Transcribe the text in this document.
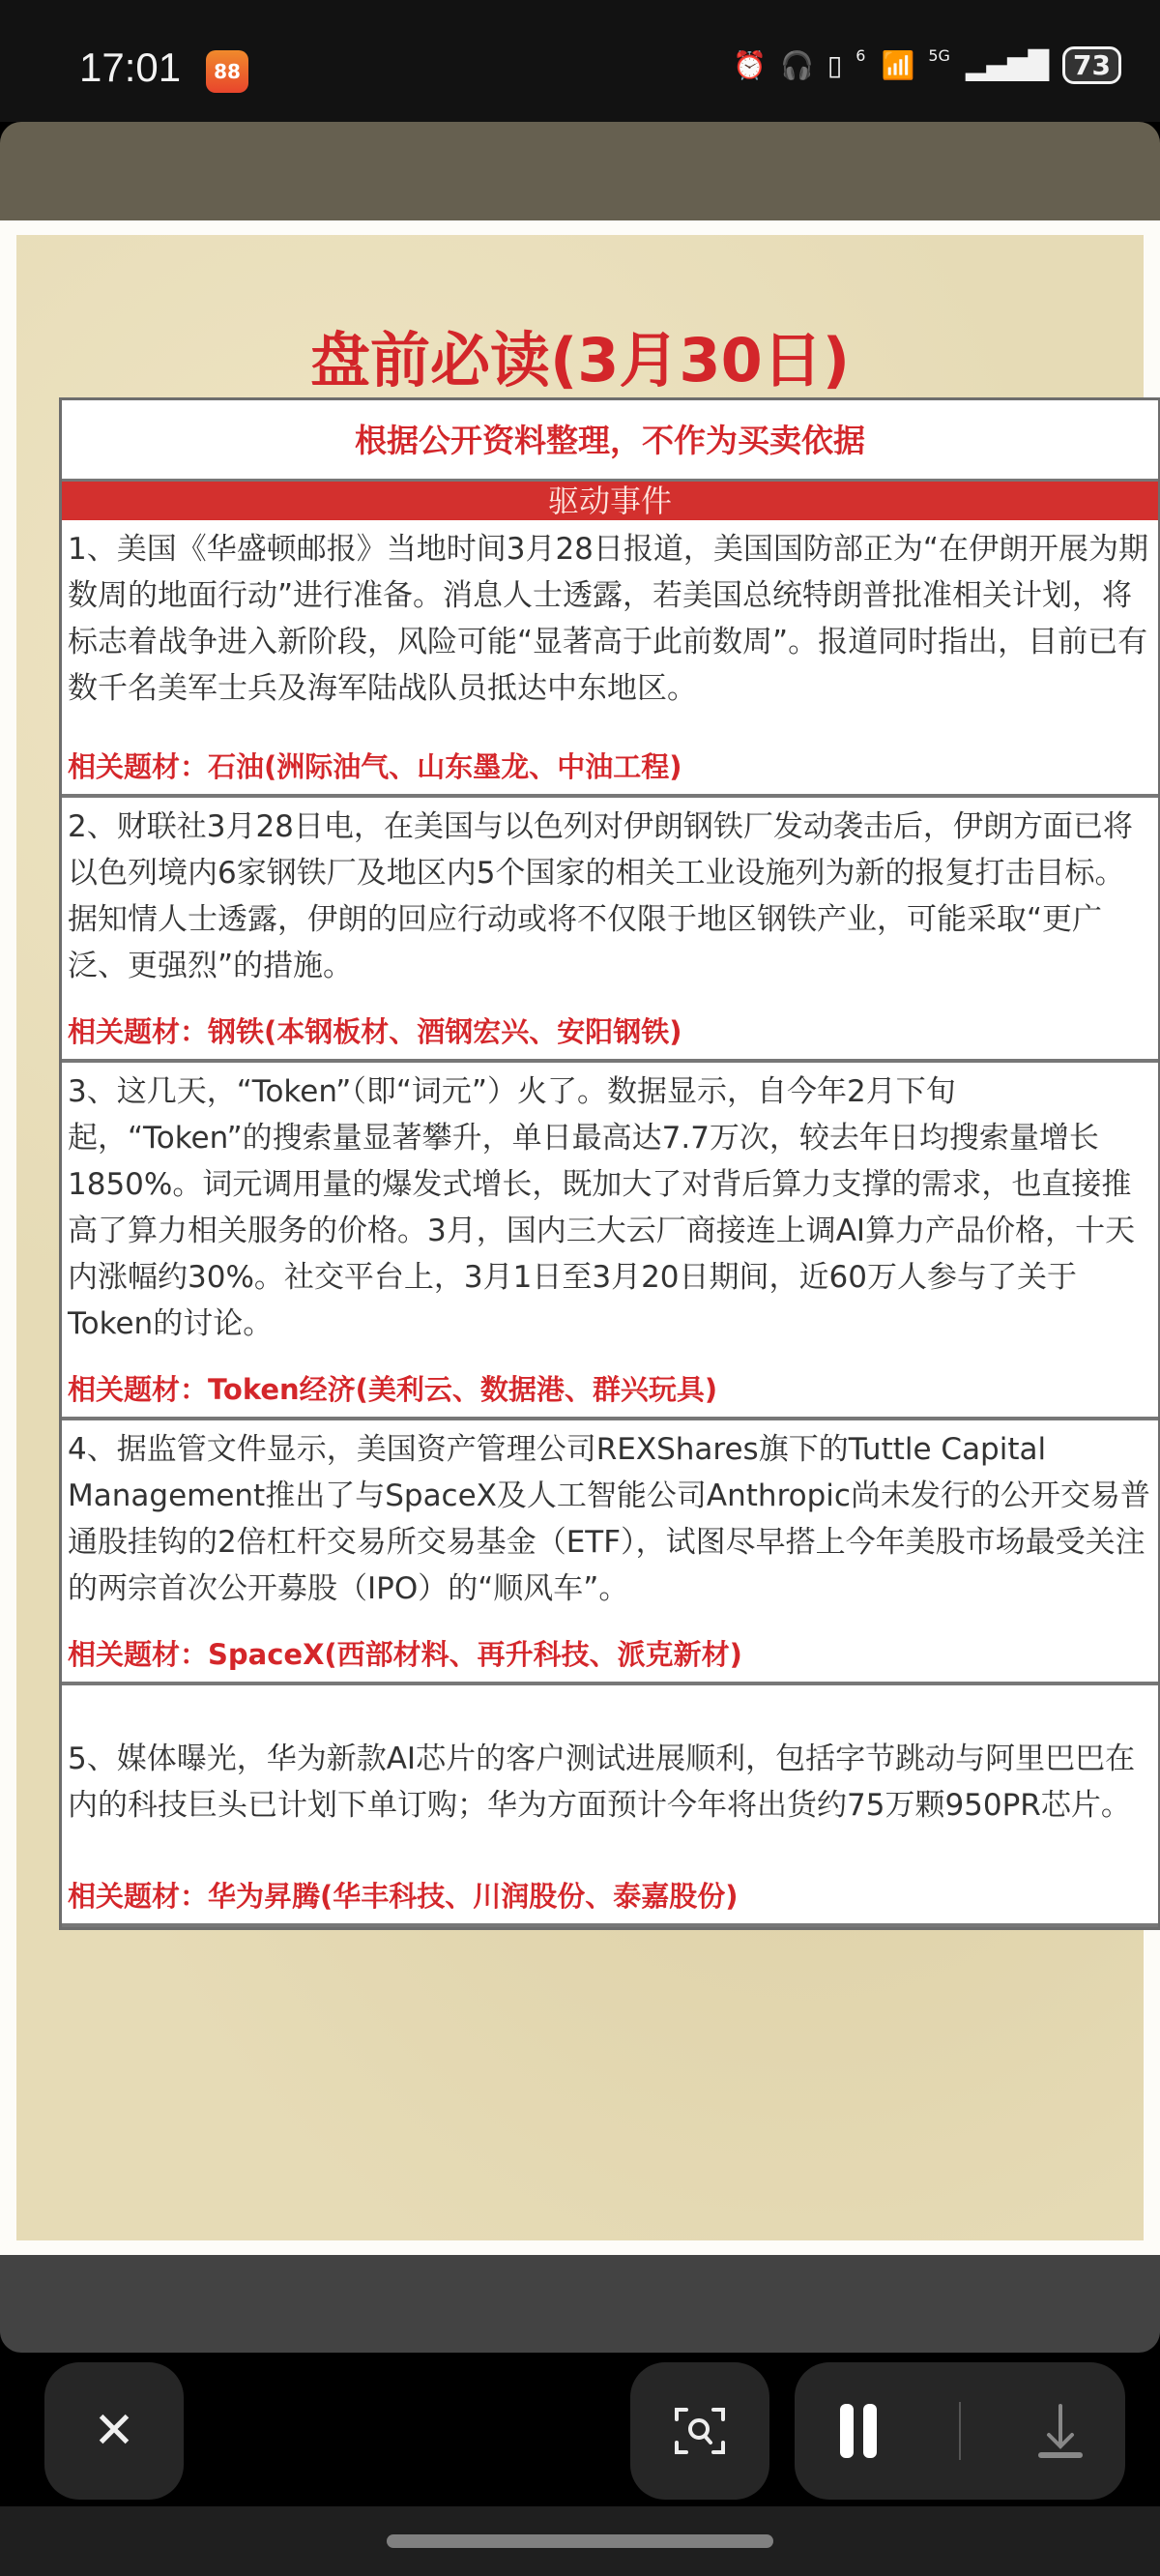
17:01	88	⏰ 🎧 ▯ 6 📶 5G ▂▄▆█ 73
盘前必读(3月30日)
根据公开资料整理，不作为买卖依据
驱动事件

1、美国《华盛顿邮报》当地时间3月28日报道，美国国防部正为“在伊朗开展为期数周的地面行动”进行准备。消息人士透露，若美国总统特朗普批准相关计划，将标志着战争进入新阶段，风险可能“显著高于此前数周”。报道同时指出，目前已有数千名美军士兵及海军陆战队员抵达中东地区。

相关题材：石油(洲际油气、山东墨龙、中油工程)

2、财联社3月28日电，在美国与以色列对伊朗钢铁厂发动袭击后，伊朗方面已将以色列境内6家钢铁厂及地区内5个国家的相关工业设施列为新的报复打击目标。据知情人士透露，伊朗的回应行动或将不仅限于地区钢铁产业，可能采取“更广泛、更强烈”的措施。

相关题材：钢铁(本钢板材、酒钢宏兴、安阳钢铁)

3、这几天，“Token”（即“词元”）火了。数据显示，自今年2月下旬起，“Token”的搜索量显著攀升，单日最高达7.7万次，较去年日均搜索量增长1850%。词元调用量的爆发式增长，既加大了对背后算力支撑的需求，也直接推高了算力相关服务的价格。3月，国内三大云厂商接连上调AI算力产品价格，十天内涨幅约30%。社交平台上，3月1日至3月20日期间，近60万人参与了关于Token的讨论。

相关题材：Token经济(美利云、数据港、群兴玩具)

4、据监管文件显示，美国资产管理公司REXShares旗下的Tuttle Capital Management推出了与SpaceX及人工智能公司Anthropic尚未发行的公开交易普通股挂钩的2倍杠杆交易所交易基金（ETF），试图尽早搭上今年美股市场最受关注的两宗首次公开募股（IPO）的“顺风车”。

相关题材：SpaceX(西部材料、再升科技、派克新材)

5、媒体曝光，华为新款AI芯片的客户测试进展顺利，包括字节跳动与阿里巴巴在内的科技巨头已计划下单订购；华为方面预计今年将出货约75万颗950PR芯片。

相关题材：华为昇腾(华丰科技、川润股份、泰嘉股份)
✕
